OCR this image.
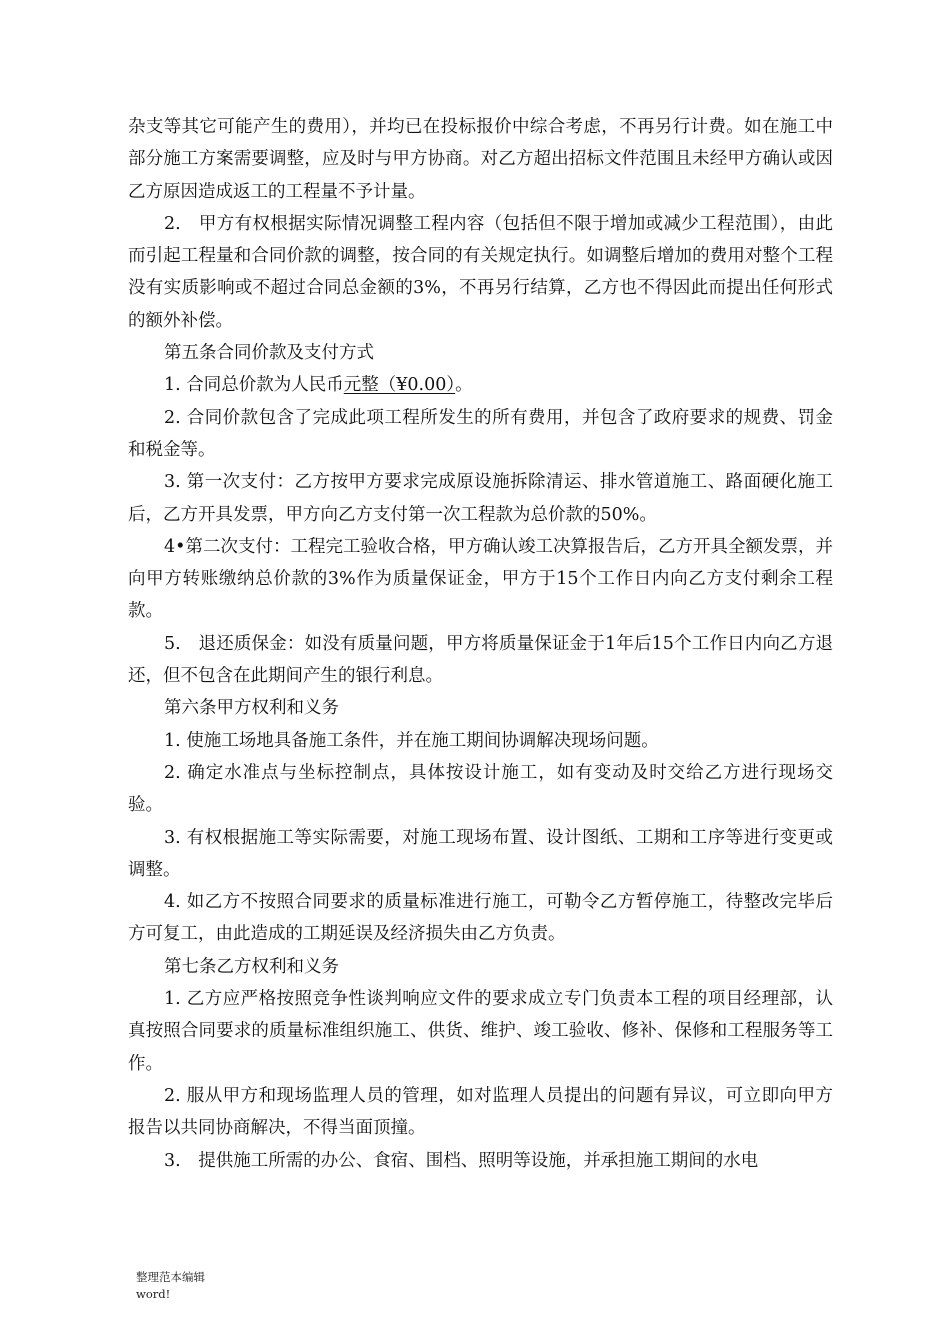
杂支等其它可能产生的费用），并均已在投标报价中综合考虑，不再另行计费。如在施工中部分施工方案需要调整，应及时与甲方协商。对乙方超出招标文件范围且未经甲方确认或因乙方原因造成返工的工程量不予计量。

2.　甲方有权根据实际情况调整工程内容（包括但不限于增加或减少工程范围），由此而引起工程量和合同价款的调整，按合同的有关规定执行。如调整后增加的费用对整个工程没有实质影响或不超过合同总金额的3%，不再另行结算，乙方也不得因此而提出任何形式的额外补偿。

第五条合同价款及支付方式

1. 合同总价款为人民币元整（¥0.00）。

2. 合同价款包含了完成此项工程所发生的所有费用，并包含了政府要求的规费、罚金和税金等。

3. 第一次支付：乙方按甲方要求完成原设施拆除清运、排水管道施工、路面硬化施工后，乙方开具发票，甲方向乙方支付第一次工程款为总价款的50%。

4•第二次支付：工程完工验收合格，甲方确认竣工决算报告后，乙方开具全额发票，并向甲方转账缴纳总价款的3%作为质量保证金，甲方于15个工作日内向乙方支付剩余工程款。

5.　退还质保金：如没有质量问题，甲方将质量保证金于1年后15个工作日内向乙方退还，但不包含在此期间产生的银行利息。

第六条甲方权利和义务

1. 使施工场地具备施工条件，并在施工期间协调解决现场问题。

2. 确定水准点与坐标控制点，具体按设计施工，如有变动及时交给乙方进行现场交验。

3. 有权根据施工等实际需要，对施工现场布置、设计图纸、工期和工序等进行变更或调整。

4. 如乙方不按照合同要求的质量标准进行施工，可勒令乙方暂停施工，待整改完毕后方可复工，由此造成的工期延误及经济损失由乙方负责。

第七条乙方权利和义务

1. 乙方应严格按照竞争性谈判响应文件的要求成立专门负责本工程的项目经理部，认真按照合同要求的质量标准组织施工、供货、维护、竣工验收、修补、保修和工程服务等工作。

2. 服从甲方和现场监理人员的管理，如对监理人员提出的问题有异议，可立即向甲方报告以共同协商解决，不得当面顶撞。

3.　提供施工所需的办公、食宿、围档、照明等设施，并承担施工期间的水电

整理范本编辑
word!
